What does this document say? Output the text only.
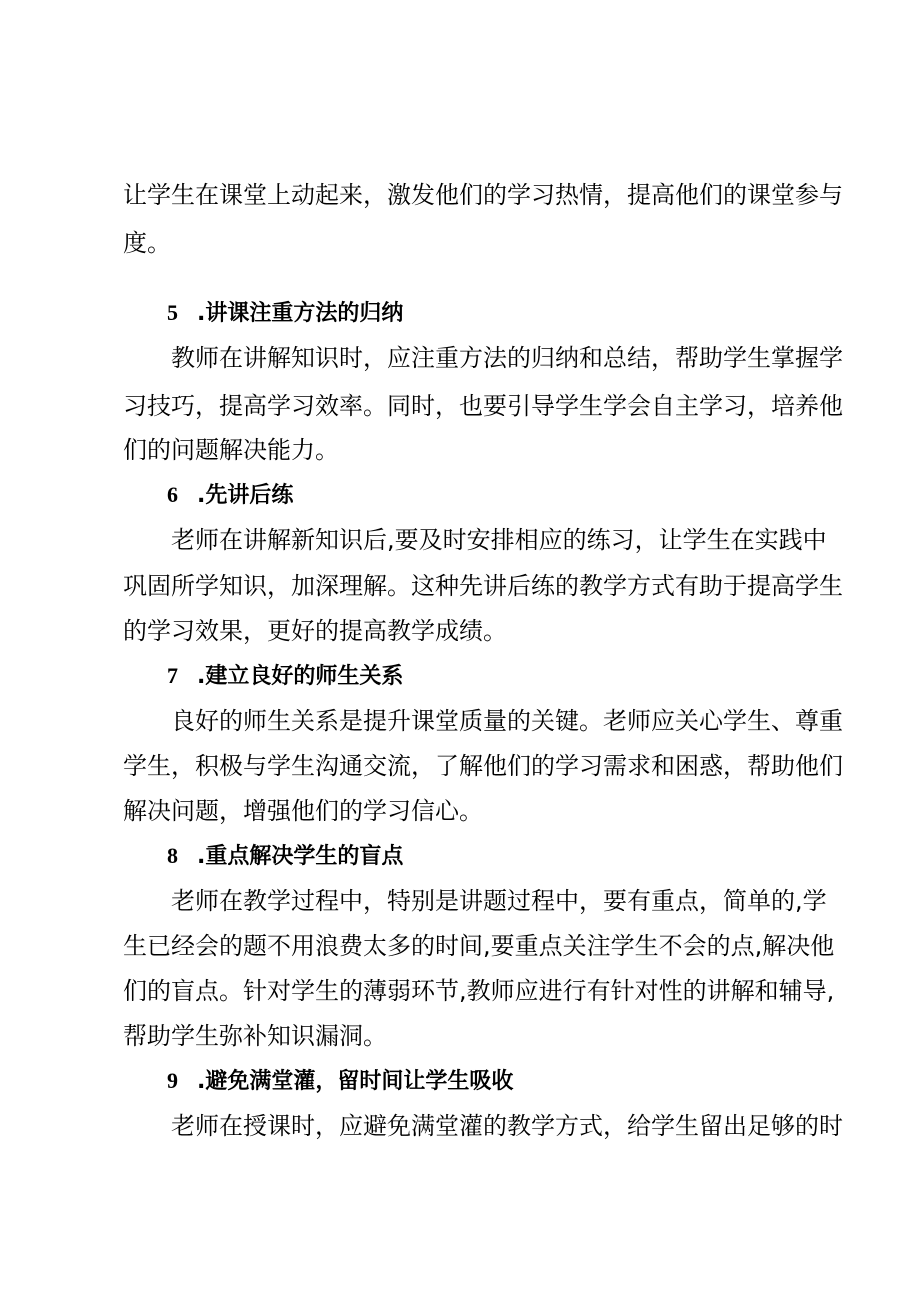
让学生在课堂上动起来，激发他们的学习热情，提高他们的课堂参与
度。
5 .讲课注重方法的归纳
教师在讲解知识时，应注重方法的归纳和总结，帮助学生掌握学
习技巧，提高学习效率。同时，也要引导学生学会自主学习，培养他
们的问题解决能力。
6 .先讲后练
老师在讲解新知识后,要及时安排相应的练习，让学生在实践中
巩固所学知识，加深理解。这种先讲后练的教学方式有助于提高学生
的学习效果，更好的提高教学成绩。
7 .建立良好的师生关系
良好的师生关系是提升课堂质量的关键。老师应关心学生、尊重
学生，积极与学生沟通交流，了解他们的学习需求和困惑，帮助他们
解决问题，增强他们的学习信心。
8 .重点解决学生的盲点
老师在教学过程中，特别是讲题过程中，要有重点，简单的,学
生已经会的题不用浪费太多的时间,要重点关注学生不会的点,解决他
们的盲点。针对学生的薄弱环节,教师应进行有针对性的讲解和辅导,
帮助学生弥补知识漏洞。
9 .避免满堂灌，留时间让学生吸收
老师在授课时，应避免满堂灌的教学方式，给学生留出足够的时
